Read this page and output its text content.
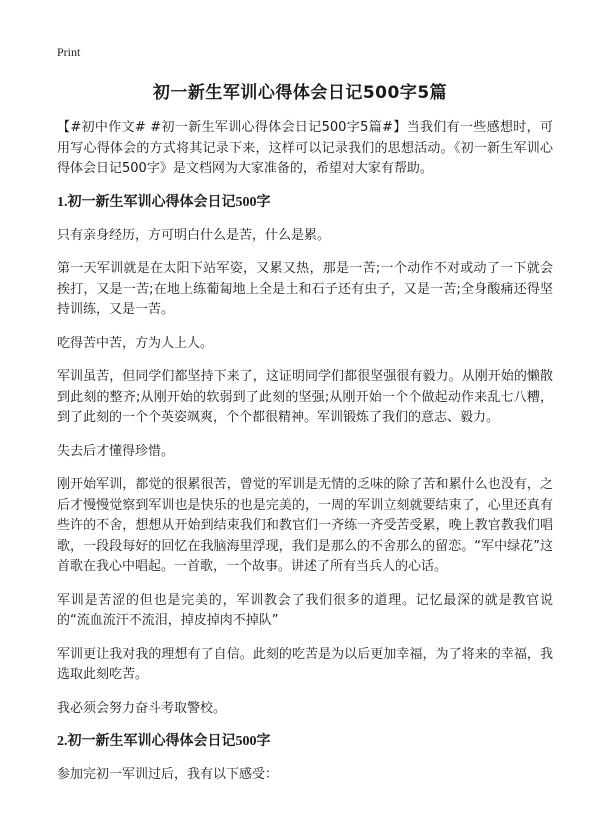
Print
初一新生军训心得体会日记500字5篇

【#初中作文# #初一新生军训心得体会日记500字5篇#】当我们有一些感想时，可用写心得体会的方式将其记录下来，这样可以记录我们的思想活动。《初一新生军训心得体会日记500字》是文档网为大家准备的，希望对大家有帮助。

1.初一新生军训心得体会日记500字

只有亲身经历，方可明白什么是苦，什么是累。

第一天军训就是在太阳下站军姿，又累又热，那是一苦;一个动作不对或动了一下就会挨打，又是一苦;在地上练葡匐地上全是土和石子还有虫子，又是一苦;全身酸痛还得坚持训练，又是一苦。

吃得苦中苦，方为人上人。

军训虽苦，但同学们都坚持下来了，这证明同学们都很坚强很有毅力。从刚开始的懒散到此刻的整齐;从刚开始的软弱到了此刻的坚强;从刚开始一个个做起动作来乱七八糟，到了此刻的一个个英姿飒爽，个个都很精神。军训锻炼了我们的意志、毅力。

失去后才懂得珍惜。

刚开始军训，都觉的很累很苦，曾觉的军训是无情的乏味的除了苦和累什么也没有，之后才慢慢觉察到军训也是快乐的也是完美的，一周的军训立刻就要结束了，心里还真有些许的不舍，想想从开始到结束我们和教官们一齐练一齐受苦受累，晚上教官教我们唱歌，一段段每好的回忆在我脑海里浮现，我们是那么的不舍那么的留恋。“军中绿花”这首歌在我心中唱起。一首歌，一个故事。讲述了所有当兵人的心话。

军训是苦涩的但也是完美的，军训教会了我们很多的道理。记忆最深的就是教官说的“流血流汗不流泪，掉皮掉肉不掉队”

军训更让我对我的理想有了自信。此刻的吃苦是为以后更加幸福，为了将来的幸福，我选取此刻吃苦。

我必须会努力奋斗考取警校。

2.初一新生军训心得体会日记500字

参加完初一军训过后，我有以下感受：
